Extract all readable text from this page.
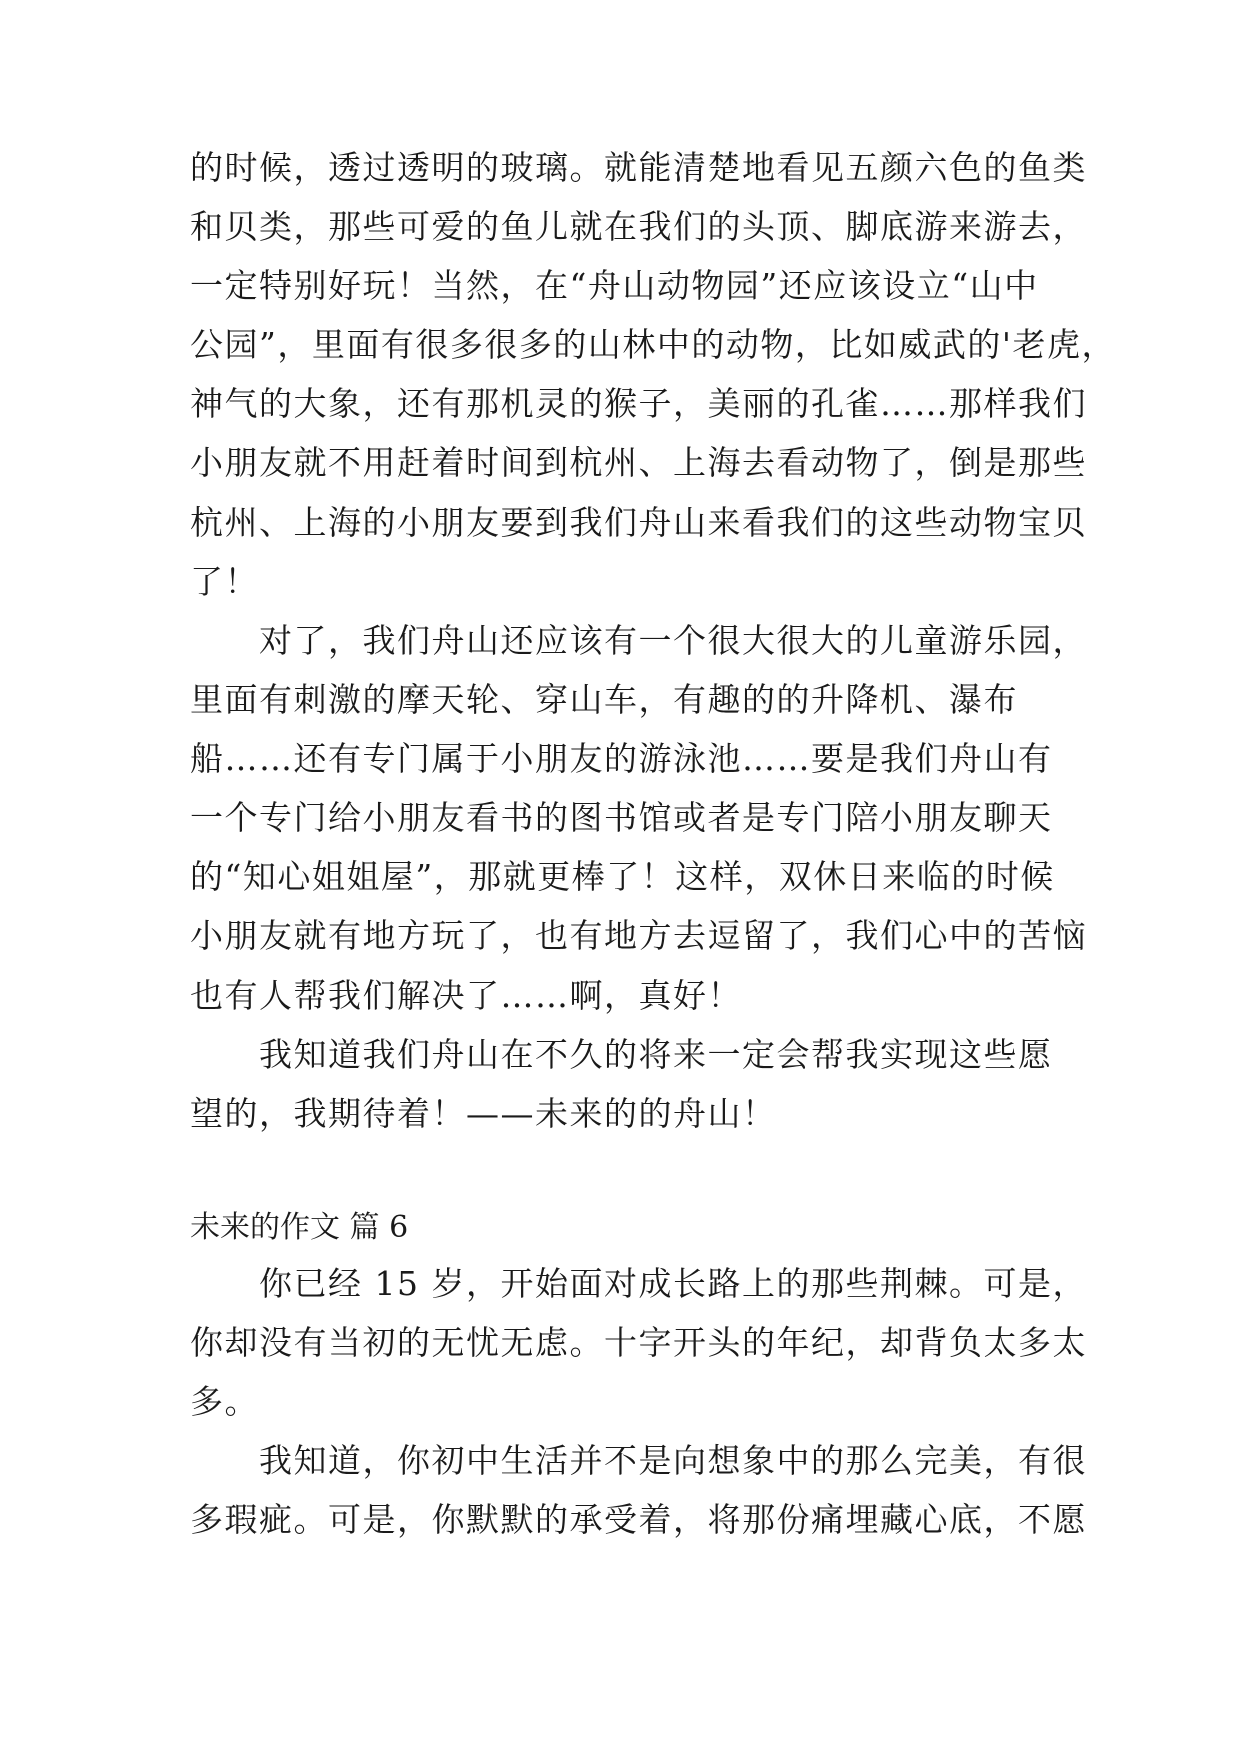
的时候，透过透明的玻璃。就能清楚地看见五颜六色的鱼类
和贝类，那些可爱的鱼儿就在我们的头顶、脚底游来游去，
一定特别好玩！当然，在“舟山动物园”还应该设立“山中
公园”，里面有很多很多的山林中的动物，比如威武的'老虎，
神气的大象，还有那机灵的猴子，美丽的孔雀……那样我们
小朋友就不用赶着时间到杭州、上海去看动物了，倒是那些
杭州、上海的小朋友要到我们舟山来看我们的这些动物宝贝
了！
对了，我们舟山还应该有一个很大很大的儿童游乐园，
里面有刺激的摩天轮、穿山车，有趣的的升降机、瀑布
船……还有专门属于小朋友的游泳池……要是我们舟山有
一个专门给小朋友看书的图书馆或者是专门陪小朋友聊天
的“知心姐姐屋”，那就更棒了！这样，双休日来临的时候
小朋友就有地方玩了，也有地方去逗留了，我们心中的苦恼
也有人帮我们解决了……啊，真好！
我知道我们舟山在不久的将来一定会帮我实现这些愿
望的，我期待着！——未来的的舟山！
未来的作文 篇 6
你已经 15 岁，开始面对成长路上的那些荆棘。可是，
你却没有当初的无忧无虑。十字开头的年纪，却背负太多太
多。
我知道，你初中生活并不是向想象中的那么完美，有很
多瑕疵。可是，你默默的承受着，将那份痛埋藏心底，不愿
